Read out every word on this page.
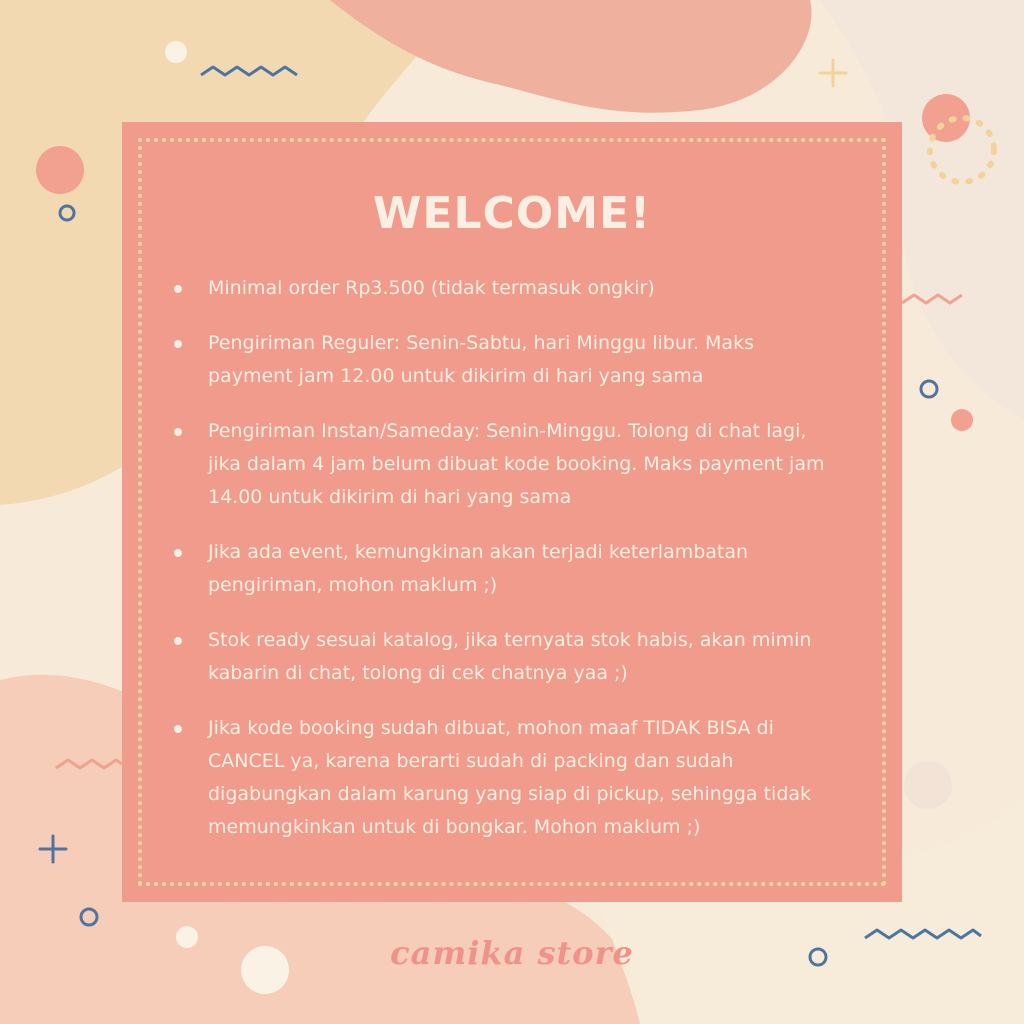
WELCOME!
Minimal order Rp3.500 (tidak termasuk ongkir)
Pengiriman Reguler: Senin-Sabtu, hari Minggu libur. Maks payment jam 12.00 untuk dikirim di hari yang sama
Pengiriman Instan/Sameday: Senin-Minggu. Tolong di chat lagi, jika dalam 4 jam belum dibuat kode booking. Maks payment jam 14.00 untuk dikirim di hari yang sama
Jika ada event, kemungkinan akan terjadi keterlambatan pengiriman, mohon maklum ;)
Stok ready sesuai katalog, jika ternyata stok habis, akan mimin kabarin di chat, tolong di cek chatnya yaa ;)
Jika kode booking sudah dibuat, mohon maaf TIDAK BISA di CANCEL ya, karena berarti sudah di packing dan sudah digabungkan dalam karung yang siap di pickup, sehingga tidak memungkinkan untuk di bongkar. Mohon maklum ;)
camika store
